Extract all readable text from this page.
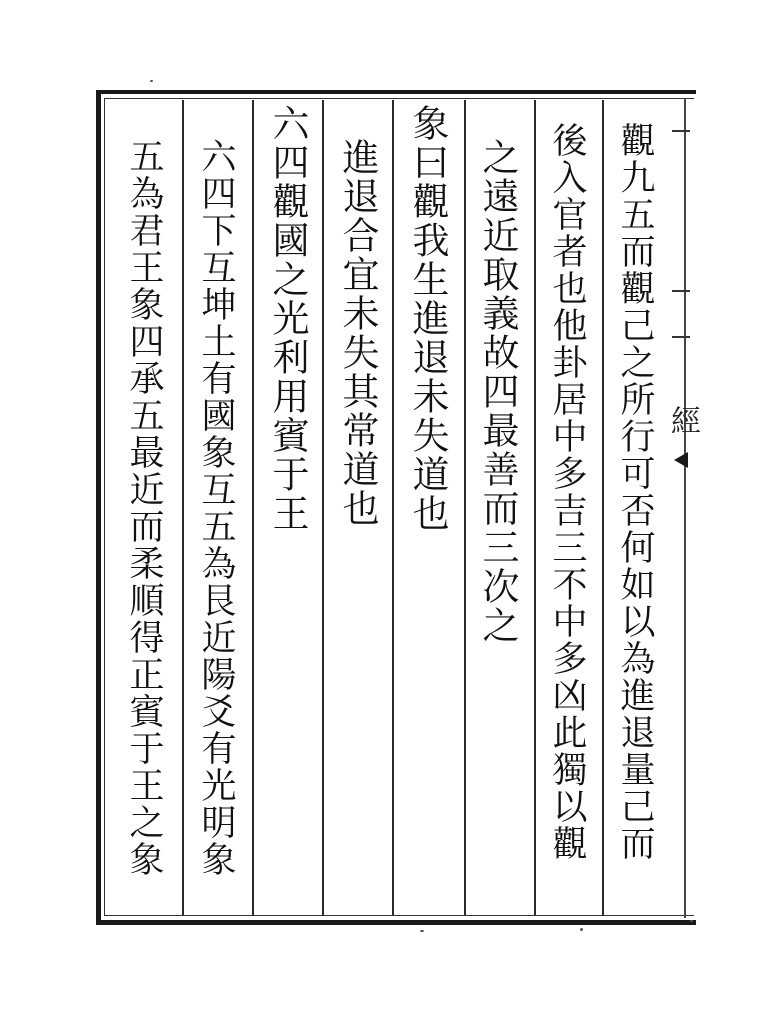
經
觀九五而觀己之所行可否何如以為進退量己而
後入官者也他卦居中多吉三不中多凶此獨以觀
之遠近取義故四最善而三次之
象曰觀我生進退未失道也
進退合宜未失其常道也
六四觀國之光利用賓于王
六四下互坤土有國象互五為艮近陽爻有光明象
五為君王象四承五最近而柔順得正賓于王之象
